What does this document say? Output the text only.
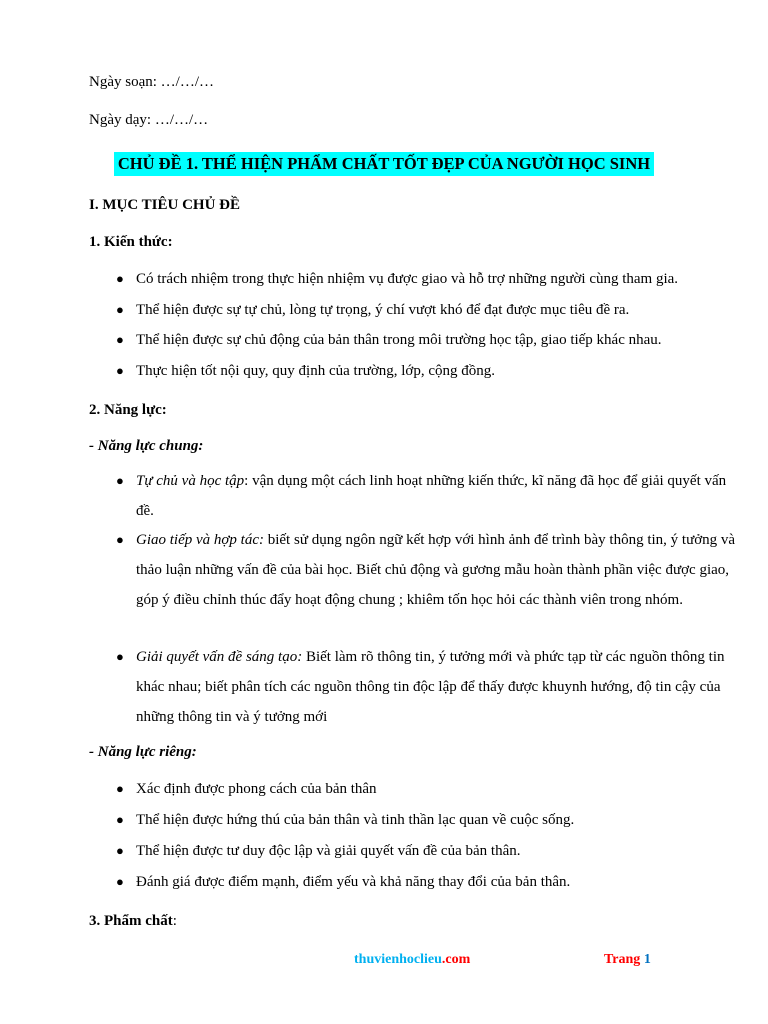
Ngày soạn: …/…/…
Ngày dạy: …/…/…
CHỦ ĐỀ 1. THỂ HIỆN PHẨM CHẤT TỐT ĐẸP CỦA NGƯỜI HỌC SINH
I. MỤC TIÊU CHỦ ĐỀ
1. Kiến thức:
● Có trách nhiệm trong thực hiện nhiệm vụ được giao và hỗ trợ những người cùng tham gia.
● Thể hiện được sự tự chủ, lòng tự trọng, ý chí vượt khó để đạt được mục tiêu đề ra.
● Thể hiện được sự chủ động của bản thân trong môi trường học tập, giao tiếp khác nhau.
● Thực hiện tốt nội quy, quy định của trường, lớp, cộng đồng.
2. Năng lực:
- Năng lực chung:
● Tự chủ và học tập: vận dụng một cách linh hoạt những kiến thức, kĩ năng đã học để giải quyết vấn đề.
● Giao tiếp và hợp tác: biết sử dụng ngôn ngữ kết hợp với hình ảnh để trình bày thông tin, ý tưởng và thảo luận những vấn đề của bài học. Biết chủ động và gương mẫu hoàn thành phần việc được giao, góp ý điều chỉnh thúc đẩy hoạt động chung ; khiêm tốn học hỏi các thành viên trong nhóm.
● Giải quyết vấn đề sáng tạo: Biết làm rõ thông tin, ý tưởng mới và phức tạp từ các nguồn thông tin khác nhau; biết phân tích các nguồn thông tin độc lập để thấy được khuynh hướng, độ tin cậy của những thông tin và ý tưởng mới
- Năng lực riêng:
● Xác định được phong cách của bản thân
● Thể hiện được hứng thú của bản thân và tinh thần lạc quan về cuộc sống.
● Thể hiện được tư duy độc lập và giải quyết vấn đề của bản thân.
● Đánh giá được điểm mạnh, điểm yếu và khả năng thay đổi của bản thân.
3. Phẩm chất:
thuvienhoclieu.com	Trang 1
